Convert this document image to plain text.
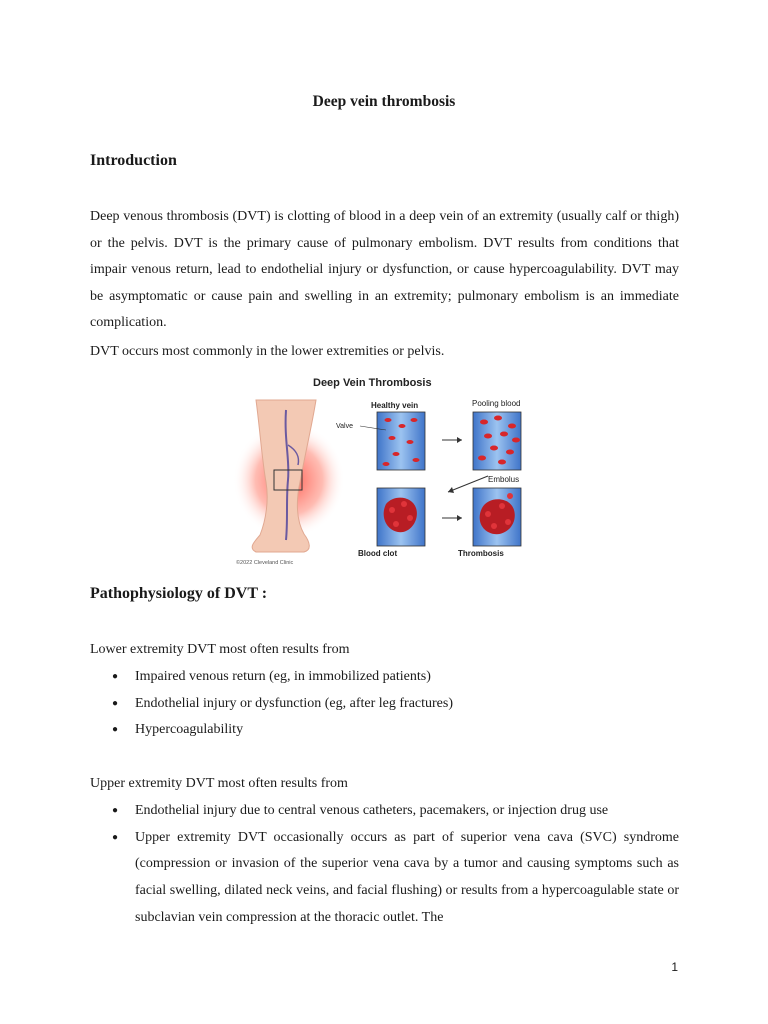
Deep vein thrombosis
Introduction
Deep venous thrombosis (DVT) is clotting of blood in a deep vein of an extremity (usually calf or thigh) or the pelvis. DVT is the primary cause of pulmonary embolism. DVT results from conditions that impair venous return, lead to endothelial injury or dysfunction, or cause hypercoagulability. DVT may be asymptomatic or cause pain and swelling in an extremity; pulmonary embolism is an immediate complication.
DVT occurs most commonly in the lower extremities or pelvis.
Deep Vein Thrombosis
©2022 Cleveland Clinic
Healthy vein
Valve
Pooling blood
Blood clot
Embolus
Thrombosis
Pathophysiology of DVT :
Lower extremity DVT most often results from
● Impaired venous return (eg, in immobilized patients)
● Endothelial injury or dysfunction (eg, after leg fractures)
● Hypercoagulability
Upper extremity DVT most often results from
● Endothelial injury due to central venous catheters, pacemakers, or injection drug use
● Upper extremity DVT occasionally occurs as part of superior vena cava (SVC) syndrome (compression or invasion of the superior vena cava by a tumor and causing symptoms such as facial swelling, dilated neck veins, and facial flushing) or results from a hypercoagulable state or subclavian vein compression at the thoracic outlet. The
1
